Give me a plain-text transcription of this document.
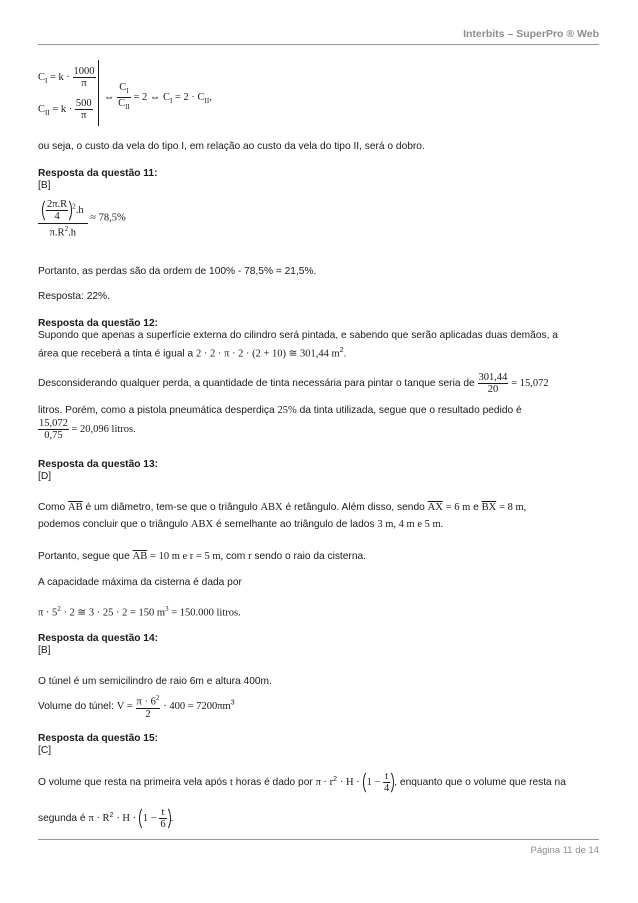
Interbits – SuperPro ® Web
$C_I = k \cdot \frac{1000}{\pi}$
$C_{II} = k \cdot \frac{500}{\pi}$
⇔ $\frac{C_I}{C_{II}} = 2$ ⇔ $C_I = 2 \cdot C_{II}$,
ou seja, o custo da vela do tipo I, em relação ao custo da vela do tipo II, será o dobro.
Resposta da questão 11:
[B]
$\frac{\frac{2\pi.R}{4} ^2.h}{\pi.R^2.h} \approx 78,5\%$
Portanto, as perdas são da ordem de 100% - 78,5% = 21,5%.
Resposta: 22%.
Resposta da questão 12:
Supondo que apenas a superfície externa do cilindro será pintada, e sabendo que serão aplicadas duas demãos, a
área que receberá a tinta é igual a 2 · 2 · π · 2 · (2 + 10) ≅ 301,44 $m^2$.
Desconsiderando qualquer perda, a quantidade de tinta necessária para pintar o tanque seria de $\frac{301,44}{20} = 15,072$
litros. Porém, como a pistola pneumática desperdiça 25% da tinta utilizada, segue que o resultado pedido é
$\frac{15,072}{0,75} = 20,096$ litros.
Resposta da questão 13:
[D]
Como $\overline{AB}$ é um diâmetro, tem-se que o triângulo ABX é retângulo. Além disso, sendo $\overline{AX} = 6$ m e $\overline{BX} = 8$ m,
podemos concluir que o triângulo ABX é semelhante ao triângulo de lados 3 m, 4 m e 5 m.
Portanto, segue que $\overline{AB} = 10$ m e r = 5 m, com r sendo o raio da cisterna.
A capacidade máxima da cisterna é dada por
$\pi \cdot 5^2 \cdot 2$ ≅ 3 · 25 · 2 = 150 $m^3 = 150.000$ litros.
Resposta da questão 14:
[B]
O túnel é um semicilindro de raio 6m e altura 400m.
Volume do túnel: $V = \frac{\pi \cdot 6^2}{2} \cdot 400 = 7200\pi m^3$
Resposta da questão 15:
[C]
O volume que resta na primeira vela após t horas é dado por $\pi \cdot r^2 \cdot H \cdot 1 - \frac{t}{4}$ , enquanto que o volume que resta na
segunda é $\pi \cdot R^2 \cdot H \cdot 1 - \frac{t}{6}$ .
Página 11 de 14
